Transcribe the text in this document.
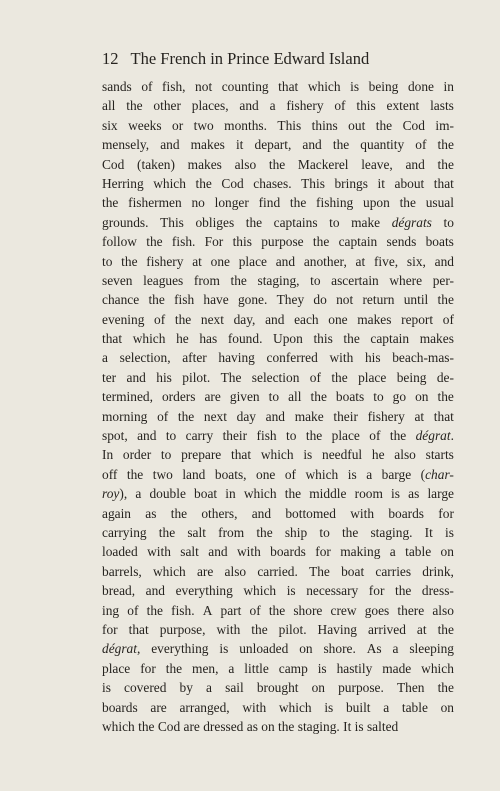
12 The French in Prince Edward Island
sands of fish, not counting that which is being done in
all the other places, and a fishery of this extent lasts
six weeks or two months. This thins out the Cod im-
mensely, and makes it depart, and the quantity of the
Cod (taken) makes also the Mackerel leave, and the
Herring which the Cod chases. This brings it about that
the fishermen no longer find the fishing upon the usual
grounds. This obliges the captains to make dégrats to
follow the fish. For this purpose the captain sends boats
to the fishery at one place and another, at five, six, and
seven leagues from the staging, to ascertain where per-
chance the fish have gone. They do not return until the
evening of the next day, and each one makes report of
that which he has found. Upon this the captain makes
a selection, after having conferred with his beach-mas-
ter and his pilot. The selection of the place being de-
termined, orders are given to all the boats to go on the
morning of the next day and make their fishery at that
spot, and to carry their fish to the place of the dégrat.
In order to prepare that which is needful he also starts
off the two land boats, one of which is a barge (char-
roy), a double boat in which the middle room is as large
again as the others, and bottomed with boards for
carrying the salt from the ship to the staging. It is
loaded with salt and with boards for making a table on
barrels, which are also carried. The boat carries drink,
bread, and everything which is necessary for the dress-
ing of the fish. A part of the shore crew goes there also
for that purpose, with the pilot. Having arrived at the
dégrat, everything is unloaded on shore. As a sleeping
place for the men, a little camp is hastily made which
is covered by a sail brought on purpose. Then the
boards are arranged, with which is built a table on
which
the
Cod
are
dressed
as
on
the
staging.
It
is
salted
